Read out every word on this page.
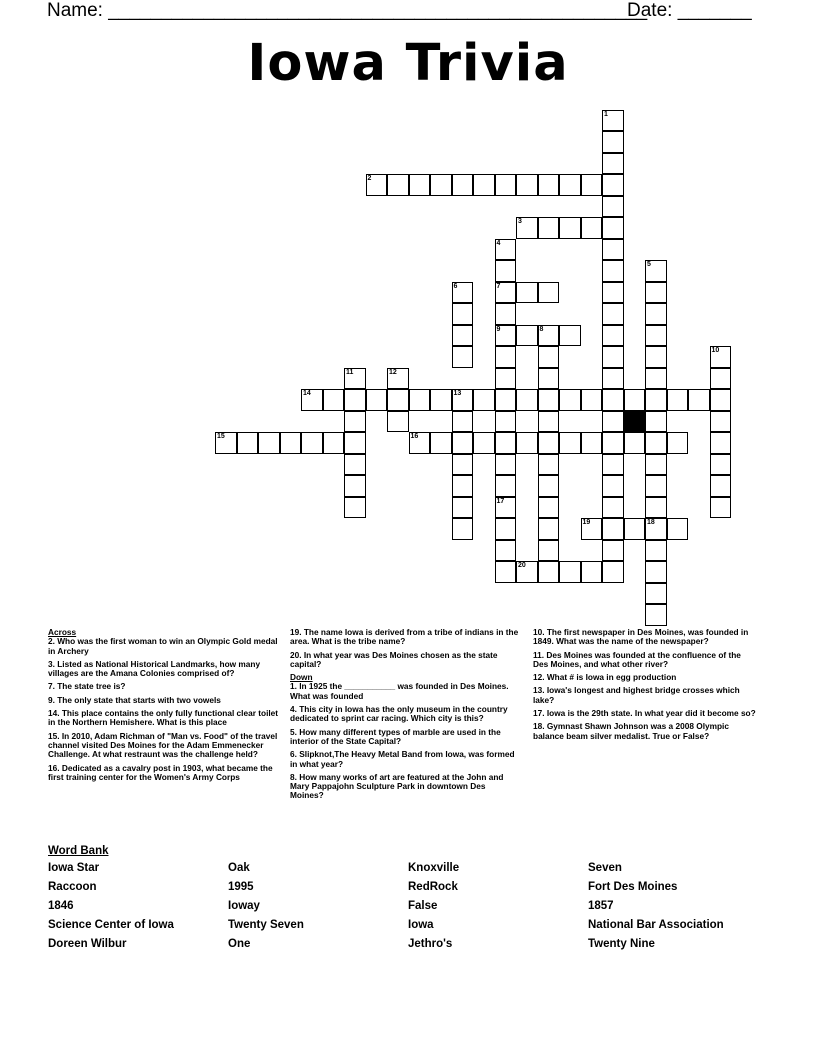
Name: ___________________________________________________
Date: _______
Iowa Trivia
2
3
7
9	8
14	13
15	16
19	18
20
1
4
17
5
6
10
11	12
Across
2. Who was the first woman to win an Olympic Gold medal in Archery
3. Listed as National Historical Landmarks, how many villages are the Amana Colonies comprised of?
7. The state tree is?
9. The only state that starts with two vowels
14. This place contains the only fully functional clear toilet in the Northern Hemishere. What is this place
15. In 2010, Adam Richman of "Man vs. Food" of the travel channel visited Des Moines for the Adam Emmenecker Challenge. At what restraunt was the challenge held?
16. Dedicated as a cavalry post in 1903, what became the first training center for the Women's Army Corps
19. The name Iowa is derived from a tribe of indians in the area. What is the tribe name?
20. In what year was Des Moines chosen as the state capital?
Down
1. In 1925 the ___________ was founded in Des Moines. What was founded
4. This city in Iowa has the only museum in the country dedicated to sprint car racing. Which city is this?
5. How many different types of marble are used in the interior of the State Capital?
6. Slipknot,The Heavy Metal Band from Iowa, was formed in what year?
8. How many works of art are featured at the John and Mary Pappajohn Sculpture Park in downtown Des Moines?
10. The first newspaper in Des Moines, was founded in 1849. What was the name of the newspaper?
11. Des Moines was founded at the confluence of the Des Moines, and what other river?
12. What # is Iowa in egg production
13. Iowa's longest and highest bridge crosses which lake?
17. Iowa is the 29th state. In what year did it become so?
18. Gymnast Shawn Johnson was a 2008 Olympic balance beam silver medalist. True or False?
Word Bank
Iowa Star	Oak	Knoxville	Seven
Raccoon	1995	RedRock	Fort Des Moines
1846	Ioway	False	1857
Science Center of Iowa	Twenty Seven	Iowa	National Bar Association
Doreen Wilbur	One	Jethro's	Twenty Nine
